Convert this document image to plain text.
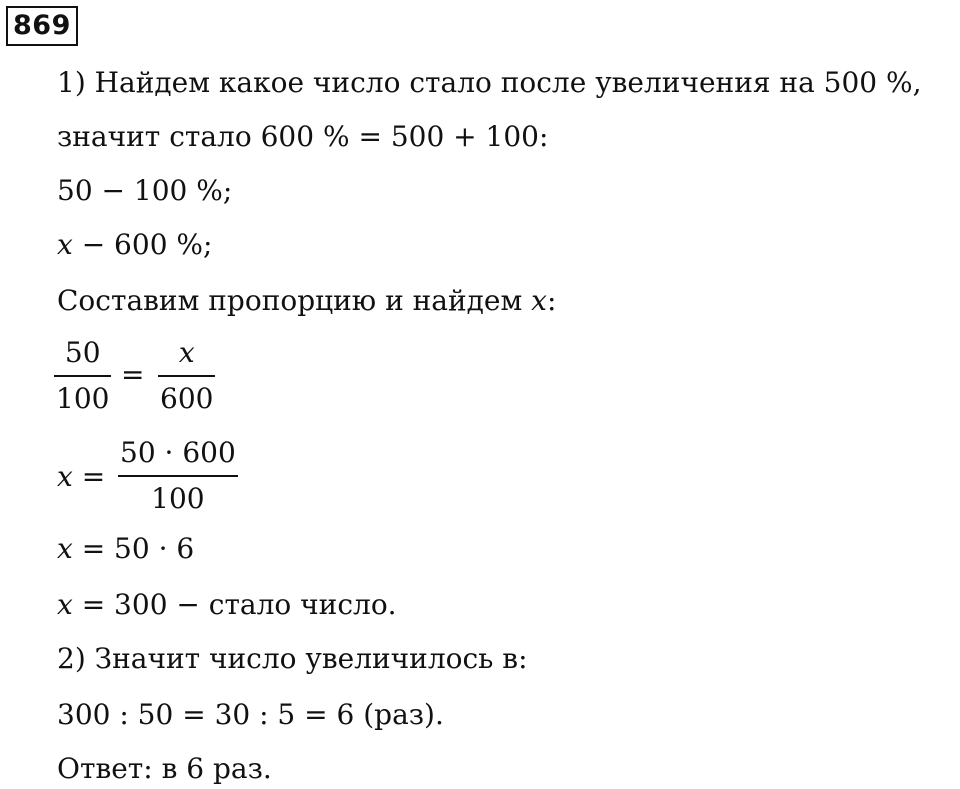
869
1) Найдем какое число стало после увеличения на 500 %,
значит стало 600 % = 500 + 100:
50 − 100 %;
x − 600 %;
Составим пропорцию и найдем x:
50
100
=
x
600
x =
50 · 600
100
x = 50 · 6
x = 300 − стало число.
2) Значит число увеличилось в:
300 : 50 = 30 : 5 = 6 (раз).
Ответ: в 6 раз.
